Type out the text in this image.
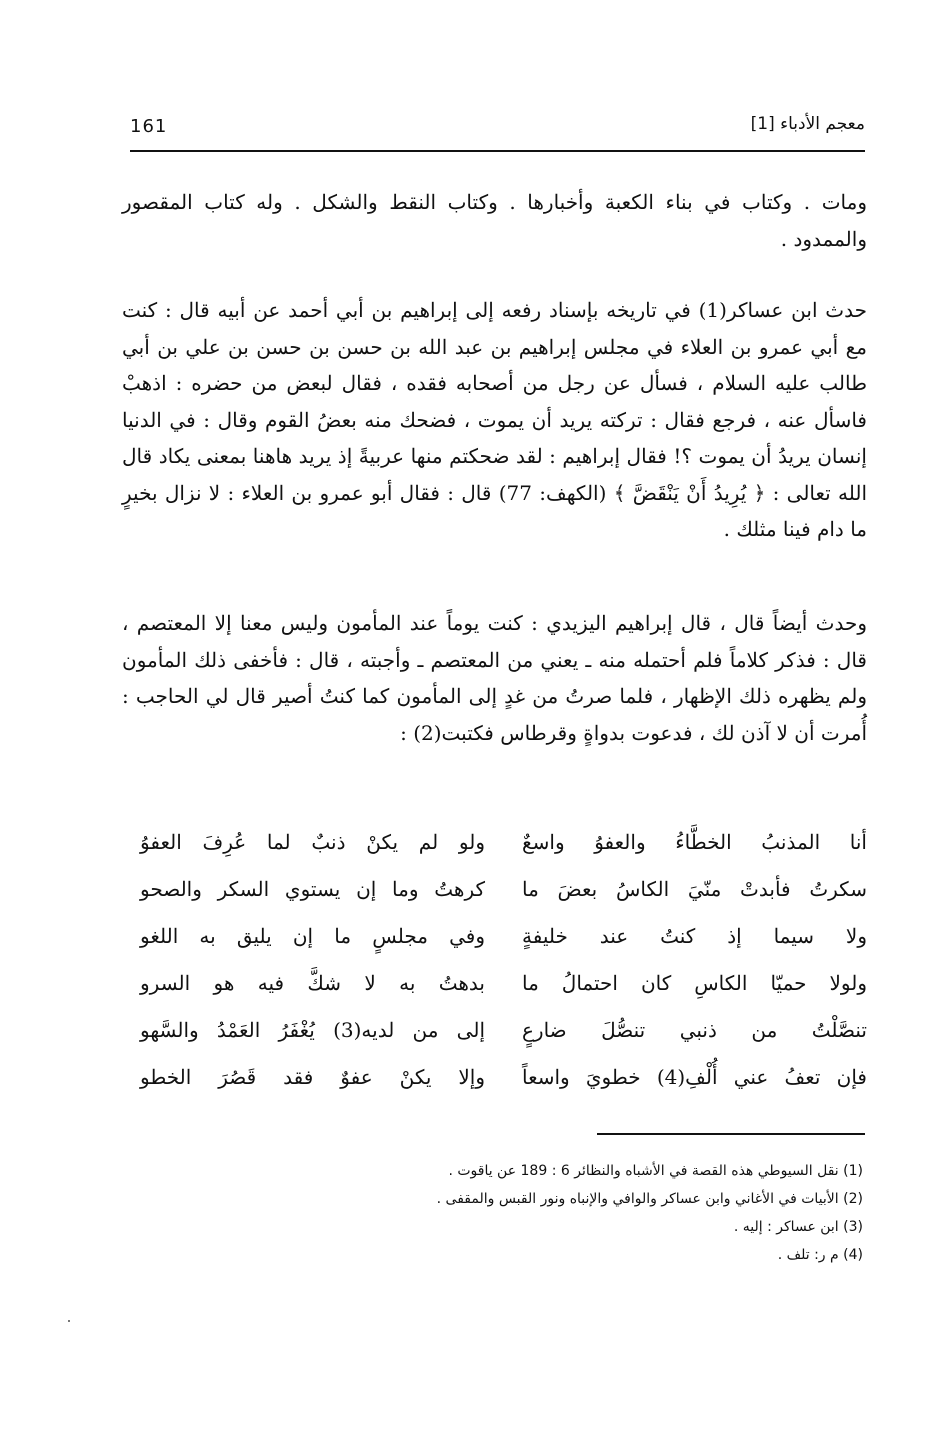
161	معجم الأدباء [1]

ومات . وكتاب في بناء الكعبة وأخبارها . وكتاب النقط والشكل . وله كتاب المقصور والممدود .

حدث ابن عساكر(1) في تاريخه بإسناد رفعه إلى إبراهيم بن أبي أحمد عن أبيه قال : كنت مع أبي عمرو بن العلاء في مجلس إبراهيم بن عبد الله بن حسن بن حسن بن علي بن أبي طالب عليه السلام ، فسأل عن رجل من أصحابه فقده ، فقال لبعض من حضره : اذهبْ فاسأل عنه ، فرجع فقال : تركته يريد أن يموت ، فضحك منه بعضُ القوم وقال : في الدنيا إنسان يريدُ أن يموت ؟! فقال إبراهيم : لقد ضحكتم منها عربيةً إذ يريد هاهنا بمعنى يكاد قال الله تعالى : ﴿ يُرِيدُ أَنْ يَنْقَضَّ ﴾ (الكهف: 77) قال : فقال أبو عمرو بن العلاء : لا نزال بخيرٍ ما دام فينا مثلك .

وحدث أيضاً قال ، قال إبراهيم اليزيدي : كنت يوماً عند المأمون وليس معنا إلا المعتصم ، قال : فذكر كلاماً فلم أحتمله منه ـ يعني من المعتصم ـ وأجبته ، قال : فأخفى ذلك المأمون ولم يظهره ذلك الإظهار ، فلما صرتُ من غدٍ إلى المأمون كما كنتُ أصير قال لي الحاجب : أُمرت أن لا آذن لك ، فدعوت بدواةٍ وقرطاس فكتبت(2) :

أنا المذنبُ الخطَّاءُ والعفوُ واسعٌ
ولو لم يكنْ ذنبٌ لما عُرِفَ العفوُ
سكرتُ فأبدتْ منّيَ الكاسُ بعضَ ما
كرهتُ وما إن يستوي السكر والصحو
ولا سيما إذ كنتُ عند خليفةٍ
وفي مجلسٍ ما إن يليق به اللغو
ولولا حميّا الكاسِ كان احتمالُ ما
بدهتُ به لا شكَّ فيه هو السرو
تنصَّلْتُ من ذنبي تنصُّلَ ضارعٍ
إلى من لديه(3) يُغْفَرُ العَمْدُ والسَّهو
فإن تعفُ عني أُلْفِ(4) خطويَ واسعاً
وإلا يكنْ عفوٌ فقد قَصُرَ الخطو
(1) نقل السيوطي هذه القصة في الأشباه والنظائر 6 : 189 عن ياقوت .
(2) الأبيات في الأغاني وابن عساكر والوافي والإنباه ونور القبس والمقفى .
(3) ابن عساكر : إليه .
(4) م ر: تلف .
